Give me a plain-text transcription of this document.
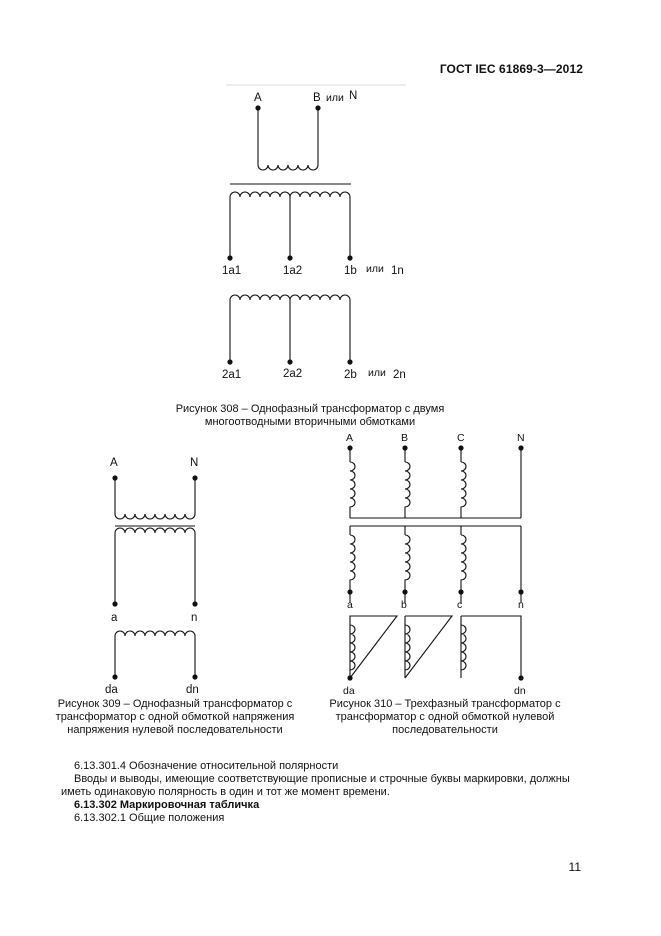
ГОСТ IEC 61869-3—2012
A	B или N
1a1	1a2	1b или 1n
2a1	2a2	2b или 2n
A	N
a	n
da	dn
A	B	C	N
a	b	c	n
da	dn
Рисунок 308 – Однофазный трансформатор с двумя
многоотводными вторичными обмотками
Рисунок 309 – Однофазный трансформатор с
трансформатор с одной обмоткой напряжения
напряжения нулевой последовательности
Рисунок 310 – Трехфазный трансформатор с
трансформатор с одной обмоткой нулевой
последовательности
6.13.301.4 Обозначение относительной полярности
Вводы и выводы, имеющие соответствующие прописные и строчные буквы маркировки, должны
иметь одинаковую полярность в один и тот же момент времени.
6.13.302 Маркировочная табличка
6.13.302.1 Общие положения
11
